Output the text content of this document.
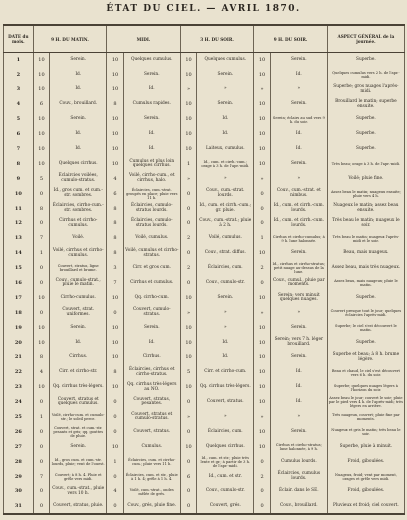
ÉTAT DU CIEL. — AVRIL 1870.
DATE du mois.	9 H. DU MATIN.		MIDI.		3 H. DU SOIR.		9 H. DU SOIR.		ASPECT GÉNÉRAL de la journée.
1	10	Serein.	10	Quelques cumulus.	10	Quelques cumulus.	10	Serein.	Superbe.
2	10	Id.	10	Serein.	10	Serein.	10	Id.	Quelques cumulus vers 2 h. de l'apr.-midi.
3	10	Id.	10	Id.	»	»	»	»	Superbe; gros nuages l'après-midi.
4	6	Couv., brouillard.	8	Cumulus rapides.	10	Serein.	10	Serein.	Brouillard le matin; superbe ensuite.
5	10	Serein.	10	Serein.	10	Id.	10	Serein; éclairs au sud vers 9 h. du soir.	Superbe.
6	10	Id.	10	Id.	10	Id.	10	Id.	Superbe.
7	10	Id.	10	Id.	10	Laiteux, cumulus.	10	Id.	Superbe.
8	10	Quelques cirrhus.	10	Cumulus et plus loin quelques cirrhus.	1	Id., cum. et cirrh.-cum.; orage à 3 h. de l'apr.-midi.	10	Serein.	Très beau; orage à 3 h. de l'apr.-midi.
9	5	Éclaircies voilées, cumulo-stratus.	4	Voilé, cirrho-cum., et cirrhus, halo.	»	»	»	»	Voilé; pluie fine.
10	0	Id., gros cum. et cum.-str. sombres.	6	Éclaircies, cum.-strat. groupés en place; pluie vers 11 h.	0	Couv., cum.-strat. lourds.	0	Couv., cum.-strat. et nimbus.	Assez beau le matin; nuageux ensuite; pluie vers 4 h.
11	8	Éclaircies, cirrho-cum.-str. sombres.	8	Éclaircies, cumulo-stratus lourds.	0	Id., cum. et cirrh.-cum.; gr. pluie.	0	Id., cum. et cirrh.-cum. lourds.	Nuageux le matin; assez beau ensuite.
12	0	Cirrhus et cirrho-cumulus.	8	Éclaircies, cumulo-stratus lourds.	0	Couv., cum.-strat.; pluie à 2 h.	0	Id., cum. et cirrh.-cum. lourds.	Très beau le matin; nuageux le soir.
13	7	Voilé.	8	Voilé, cumulus.	2	Voilé, cumulus.	1	Cirrhus et cirrho-cumulus; à 9 h. lune halonnée.	Très beau le matin; nuageux l'après-midi et le soir.
14	1	Voilé, cirrhus et cirrho-cumulus.	8	Voilé, cumulus et cirrho-stratus.	0	Couv., strat. diffus.	10	Serein.	Beau, mais nuageux.
15	0	Couvert, stratus, ligne brouillard et brume.	3	Cirr. et gros cum.	2	Éclaircies, cum.	2	Id., cirrhus et cirrho-stratus; petit nuage au-dessus de la lune.	Assez beau, mais très nuageux.
16	0	Couv., cumulo-strat., pluie le matin.	7	Cirrhus et cumulus.	0	Couv., cumulo-str.	0	Couv., cumul., pluie par moments.	Assez beau, mais nuageux; pluie le matin.
17	10	Cirrho-cumulus.	10	Qq. cirrho-cum.	10	Serein.	10	Serein; vers minuit quelques nuages.	Superbe.
18	0	Couvert, strat. uniformes.	0	Couvert, cumulo-stratus.	»	»	»	»	Couvert presque tout le jour; quelques éclaircies l'après-midi.
19	10	Serein.	10	Serein.	10	»	10	Serein.	Superbe; le ciel s'est découvert le matin.
20	10	Id.	10	Id.	10	Id.	10	Serein; vers 7 h. léger brouillard.	Superbe.
21	8	Cirrhus.	10	Cirrhus.	10	Id.	10	Serein.	Superbe et beau; à 8 h. brume légère.
22	4	Cirr. et cirrho-str.	8	Éclaircies, cirrhus et cirrho-stratus.	5	Cirr. et cirrho-cum.	10	Id.	Beau et chaud, le ciel s'est découvert vers 6 h. du soir.
23	10	Qq. cirrhus très-légers.	10	Qq. cirrhus très-légers au NO.	10	Qq. cirrhus très-légers.	10	Id.	Superbe; quelques nuages légers à l'horizon du soir.
24	0	Couvert, stratus et quelques cumulus.	0	Couvert, stratus, pesantes.	0	Couvert, stratus.	10	Id.	Assez beau le jour; couvert le soir; pluie par le pied vers 4 h. de l'après-midi; très légers en arrière.
25	1	Voilé, cirrho-cum. et cumulo-str.; le soleil perce.	0	Couvert, stratus et cumulo-stratus.	»	»	»	»	Très nuageux, couvert; pluie fine par moments.
26	0	Couvert, strat. et cum.-str. pesants et gris; qq. gouttes de pluie.	0	Couvert, stratus.	0	Éclaircies, cum.	10	Serein.	Nuageux et gris le matin; très beau le soir.
27	0	Serein.	10	Cumulus.	10	Quelques cirrhus.	10	Cirrhus et cirrho-stratus; lune halonnée, à 9 h.	Superbe, pluie à minuit.
28	0	Id., gros cum. et cum.-str. lourds, pluie; vent de l'ouest.	1	Éclaircies, cum. et cirrho-cum.; pluie vers 11 h.	0	Id., cum. et str.; pluie très lente et gr.; à partir de 3 h. de l'apr.-midi.	0	Cumulus lourds.	Froid, giboulées.
29	7	Couvert; à 8 h. 4. Pluie et grêle vers midi.	0	Éclaircies, cum. et str., pluie à 1 h. 4; grêle à 1 h. 4.	6	Id., cum. et str.	2	Éclaircies, cumulus lourds.	Nuageux, froid; vent par moment, orages et grêle vers midi.
30	0	Couv., cum.-strat., pluie vers 10 h.	4	Voilé, cum.-strat., ondes mêlée de grés.	0	Couv., cumulo-str.	0	Éclair. dans le SE.	Froid, giboulées.
31	0	Couvert, stratus, pluie.	0	Couv., grés, pluie fine.	0	Couvert, grés.	0	Couv., brouillard.	Pluvieux et froid; ciel couvert.
